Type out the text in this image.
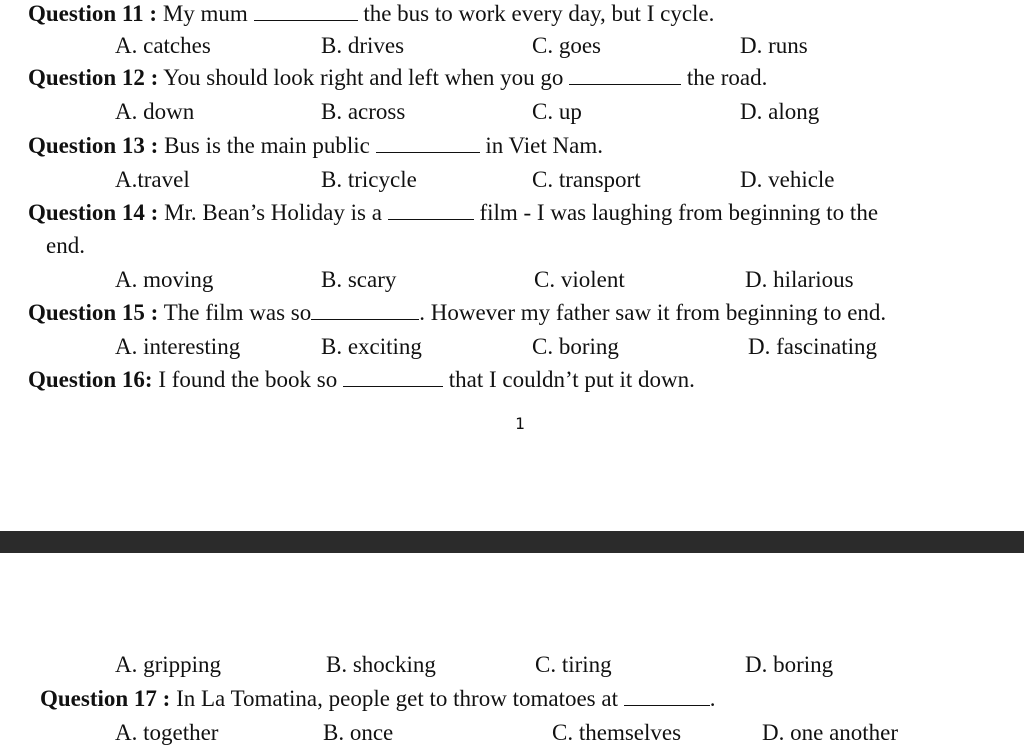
Question 11 : My mum	the bus to work every day, but I cycle.
A. catches	B. drives	C. goes	D. runs
Question 12 : You should look right and left when you go	the road.
A. down	B. across	C. up	D. along
Question 13 : Bus is the main public	in Viet Nam.
A.travel	B. tricycle	C. transport	D. vehicle
Question 14 : Mr. Bean’s Holiday is a	film - I was laughing from beginning to the
end.
A. moving	B. scary	C. violent	D. hilarious
Question 15 : The film was so	. However my father saw it from beginning to end.
A. interesting	B. exciting	C. boring	D. fascinating
Question 16: I found the book so	that I couldn’t put it down.
1
A. gripping	B. shocking	C. tiring	D. boring
Question 17 : In La Tomatina, people get to throw tomatoes at	.
A. together	B. once	C. themselves	D. one another
